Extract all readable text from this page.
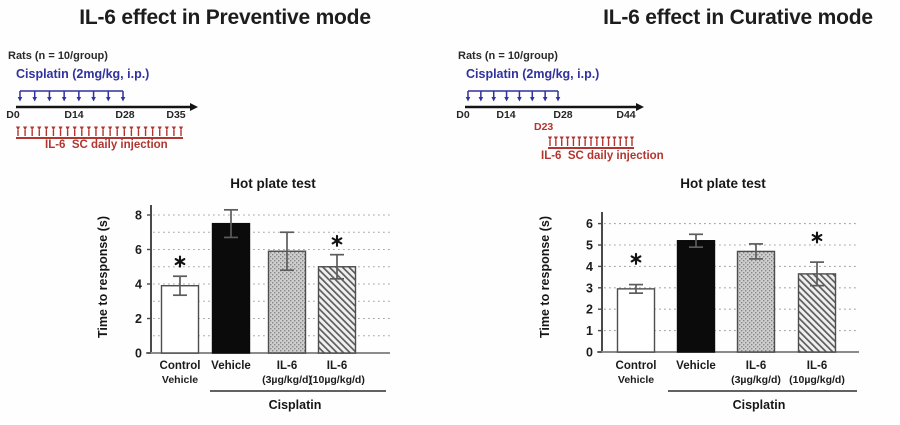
IL-6 effect in Preventive mode
Rats (n = 10/group)
Cisplatin (2mg/kg, i.p.)
D0	D14	D28	D35
IL-6  SC daily injection
0
2
4
6
8
Hot plate test
Time to response (s)
Control
Vehicle
Vehicle IL-6
(3µg/kg/d)
IL-6
(10µg/kg/d)
Cisplatin
IL-6 effect in Curative mode
Rats (n = 10/group)
Cisplatin (2mg/kg, i.p.)
D0	D14	D28	D44
D23
IL-6  SC daily injection
0
1
2
3
4
5
6
Hot plate test
Time to response (s)
Control
Vehicle
Vehicle	IL-6
(3µg/kg/d)
IL-6
(10µg/kg/d)
Cisplatin
